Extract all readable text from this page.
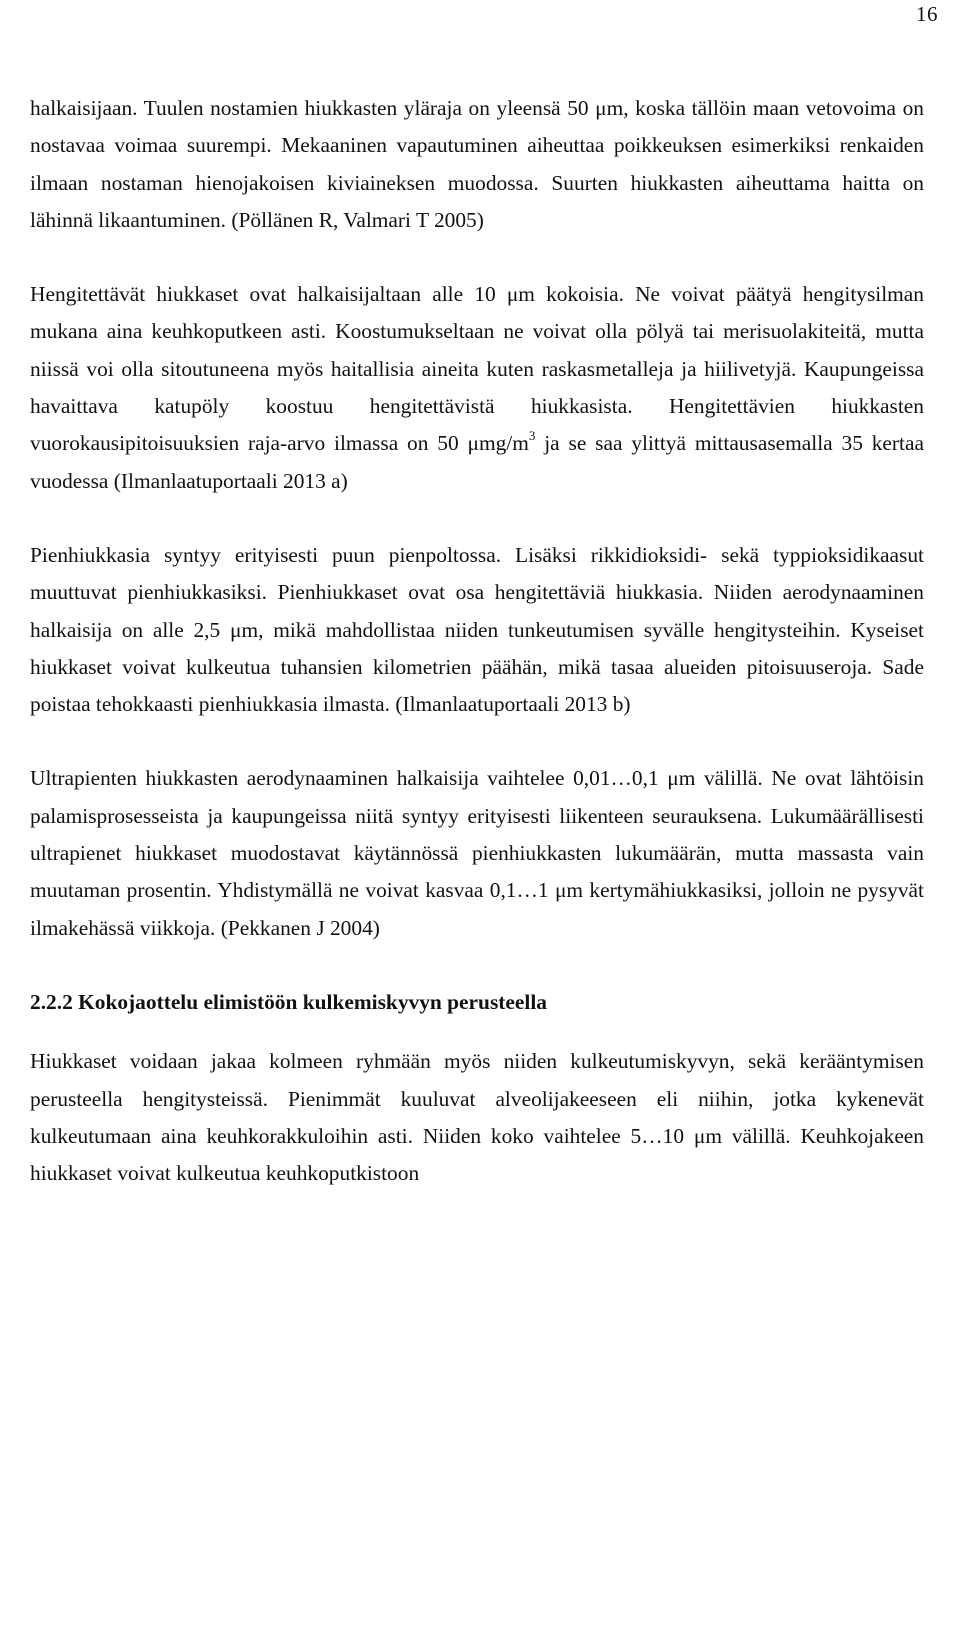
16

halkaisijaan. Tuulen nostamien hiukkasten yläraja on yleensä 50 μm, koska tällöin maan vetovoima on nostavaa voimaa suurempi. Mekaaninen vapautuminen aiheuttaa poikkeuksen esimerkiksi renkaiden ilmaan nostaman hienojakoisen kiviaineksen muodossa. Suurten hiukkasten aiheuttama haitta on lähinnä likaantuminen. (Pöllänen R, Valmari T 2005)

Hengitettävät hiukkaset ovat halkaisijaltaan alle 10 μm kokoisia. Ne voivat päätyä hengitysilman mukana aina keuhkoputkeen asti. Koostumukseltaan ne voivat olla pölyä tai merisuolakiteitä, mutta niissä voi olla sitoutuneena myös haitallisia aineita kuten raskasmetalleja ja hiilivetyjä. Kaupungeissa havaittava katupöly koostuu hengitettävistä hiukkasista. Hengitettävien hiukkasten vuorokausipitoisuuksien raja-arvo ilmassa on 50 μmg/$m^3$ ja se saa ylittyä mittausasemalla 35 kertaa vuodessa (Ilmanlaatuportaali 2013 a)

Pienhiukkasia syntyy erityisesti puun pienpoltossa. Lisäksi rikkidioksidi- sekä typpioksidikaasut muuttuvat pienhiukkasiksi. Pienhiukkaset ovat osa hengitettäviä hiukkasia. Niiden aerodynaaminen halkaisija on alle 2,5 μm, mikä mahdollistaa niiden tunkeutumisen syvälle hengitysteihin. Kyseiset hiukkaset voivat kulkeutua tuhansien kilometrien päähän, mikä tasaa alueiden pitoisuuseroja. Sade poistaa tehokkaasti pienhiukkasia ilmasta. (Ilmanlaatuportaali 2013 b)

Ultrapienten hiukkasten aerodynaaminen halkaisija vaihtelee 0,01…0,1 μm välillä. Ne ovat lähtöisin palamisprosesseista ja kaupungeissa niitä syntyy erityisesti liikenteen seurauksena. Lukumäärällisesti ultrapienet hiukkaset muodostavat käytännössä pienhiukkasten lukumäärän, mutta massasta vain muutaman prosentin. Yhdistymällä ne voivat kasvaa 0,1…1 μm kertymähiukkasiksi, jolloin ne pysyvät ilmakehässä viikkoja. (Pekkanen J 2004)

2.2.2 Kokojaottelu elimistöön kulkemiskyvyn perusteella

Hiukkaset voidaan jakaa kolmeen ryhmään myös niiden kulkeutumiskyvyn, sekä kerääntymisen perusteella hengitysteissä. Pienimmät kuuluvat alveolijakeeseen eli niihin, jotka kykenevät kulkeutumaan aina keuhkorakkuloihin asti. Niiden koko vaihtelee 5…10 μm välillä. Keuhkojakeen hiukkaset voivat kulkeutua keuhkoputkistoon
